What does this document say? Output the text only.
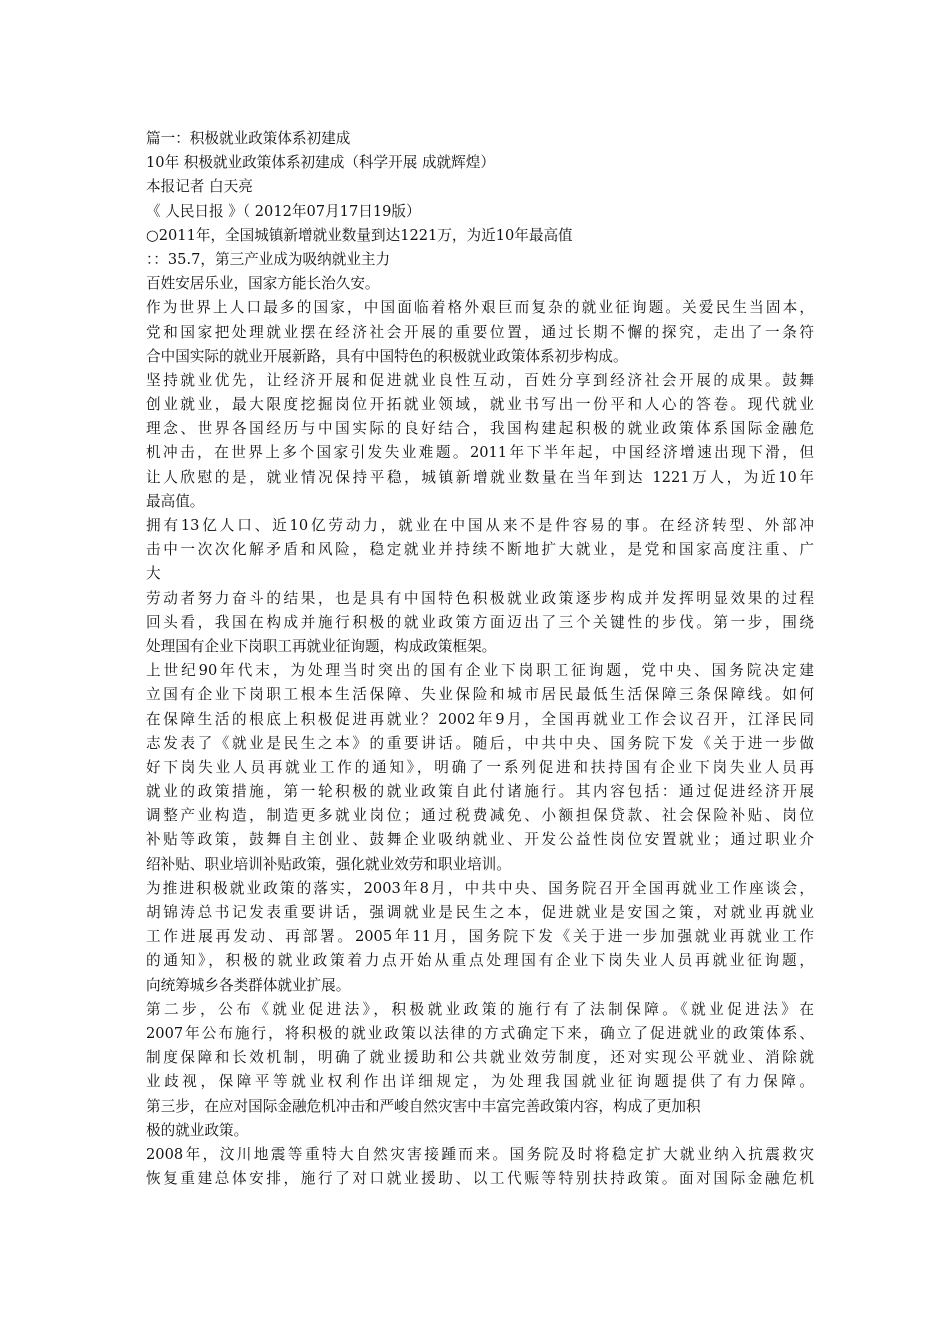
篇一：积极就业政策体系初建成
10年 积极就业政策体系初建成（科学开展 成就辉煌）
本报记者 白天亮
《 人民日报 》（ 2012年07月17日19版）
○2011年，全国城镇新增就业数量到达1221万，为近10年最高值
：：35.7，第三产业成为吸纳就业主力
百姓安居乐业，国家方能长治久安。
作为世界上人口最多的国家，中国面临着格外艰巨而复杂的就业征询题。关爱民生当固本，
党和国家把处理就业摆在经济社会开展的重要位置，通过长期不懈的探究，走出了一条符
合中国实际的就业开展新路，具有中国特色的积极就业政策体系初步构成。
坚持就业优先，让经济开展和促进就业良性互动，百姓分享到经济社会开展的成果。鼓舞
创业就业，最大限度挖掘岗位开拓就业领域，就业书写出一份平和人心的答卷。现代就业
理念、世界各国经历与中国实际的良好结合，我国构建起积极的就业政策体系国际金融危
机冲击，在世界上多个国家引发失业难题。2011年下半年起，中国经济增速出现下滑，但
让人欣慰的是，就业情况保持平稳，城镇新增就业数量在当年到达 1221万人，为近10年
最高值。
拥有13亿人口、近10亿劳动力，就业在中国从来不是件容易的事。在经济转型、外部冲
击中一次次化解矛盾和风险，稳定就业并持续不断地扩大就业，是党和国家高度注重、广
大
劳动者努力奋斗的结果，也是具有中国特色积极就业政策逐步构成并发挥明显效果的过程
回头看，我国在构成并施行积极的就业政策方面迈出了三个关键性的步伐。第一步，围绕
处理国有企业下岗职工再就业征询题，构成政策框架。
上世纪90年代末，为处理当时突出的国有企业下岗职工征询题，党中央、国务院决定建
立国有企业下岗职工根本生活保障、失业保险和城市居民最低生活保障三条保障线。如何
在保障生活的根底上积极促进再就业？2002年9月，全国再就业工作会议召开，江泽民同
志发表了《就业是民生之本》的重要讲话。随后，中共中央、国务院下发《关于进一步做
好下岗失业人员再就业工作的通知》，明确了一系列促进和扶持国有企业下岗失业人员再
就业的政策措施，第一轮积极的就业政策自此付诸施行。其内容包括：通过促进经济开展
调整产业构造，制造更多就业岗位；通过税费减免、小额担保贷款、社会保险补贴、岗位
补贴等政策，鼓舞自主创业、鼓舞企业吸纳就业、开发公益性岗位安置就业；通过职业介
绍补贴、职业培训补贴政策，强化就业效劳和职业培训。
为推进积极就业政策的落实，2003年8月，中共中央、国务院召开全国再就业工作座谈会，
胡锦涛总书记发表重要讲话，强调就业是民生之本，促进就业是安国之策，对就业再就业
工作进展再发动、再部署。2005年11月，国务院下发《关于进一步加强就业再就业工作
的通知》，积极的就业政策着力点开始从重点处理国有企业下岗失业人员再就业征询题，
向统筹城乡各类群体就业扩展。
第二步，公布《就业促进法》，积极就业政策的施行有了法制保障。《就业促进法》在
2007年公布施行，将积极的就业政策以法律的方式确定下来，确立了促进就业的政策体系、
制度保障和长效机制，明确了就业援助和公共就业效劳制度，还对实现公平就业、消除就
业歧视，保障平等就业权利作出详细规定，为处理我国就业征询题提供了有力保障。
第三步，在应对国际金融危机冲击和严峻自然灾害中丰富完善政策内容，构成了更加积
极的就业政策。
2008年，汶川地震等重特大自然灾害接踵而来。国务院及时将稳定扩大就业纳入抗震救灾
恢复重建总体安排，施行了对口就业援助、以工代赈等特别扶持政策。面对国际金融危机
